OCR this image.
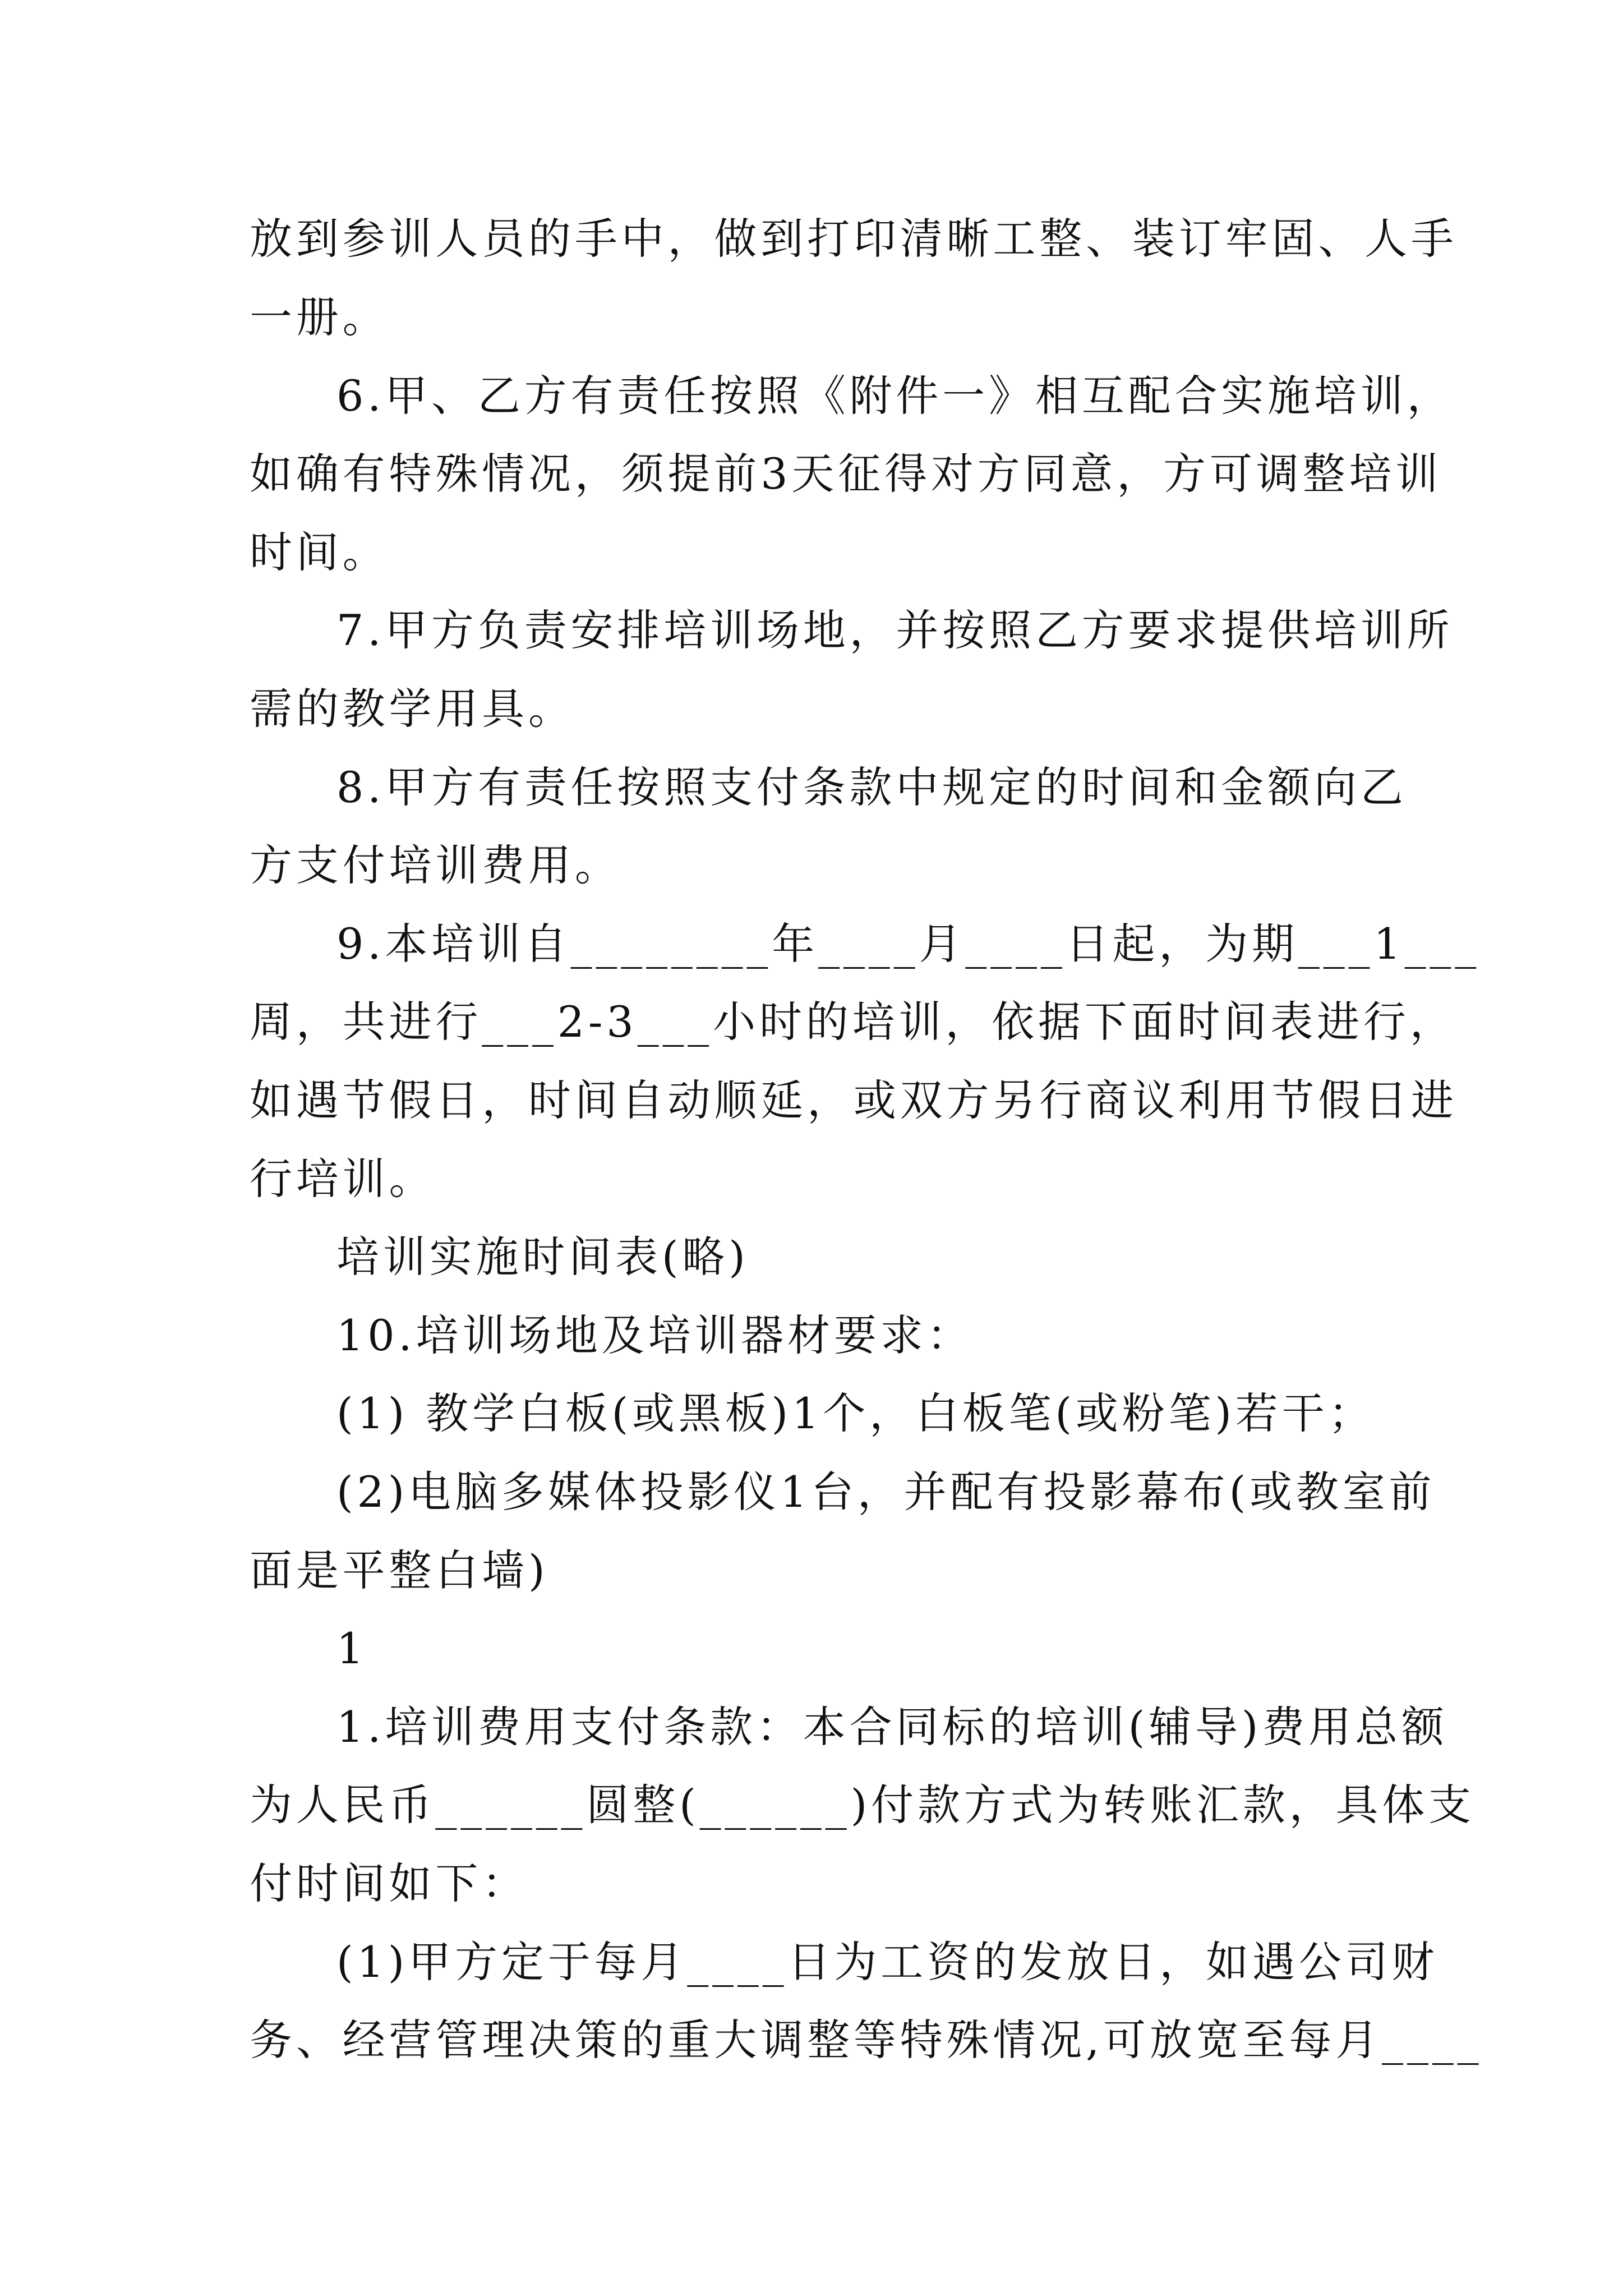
放到参训人员的手中，做到打印清晰工整、装订牢固、人手
一册。
6.甲、乙方有责任按照《附件一》相互配合实施培训，
如确有特殊情况，须提前3天征得对方同意，方可调整培训
时间。
7.甲方负责安排培训场地，并按照乙方要求提供培训所
需的教学用具。
8.甲方有责任按照支付条款中规定的时间和金额向乙
方支付培训费用。
9.本培训自________年____月____日起，为期___1___
周，共进行___2-3___小时的培训，依据下面时间表进行，
如遇节假日，时间自动顺延，或双方另行商议利用节假日进
行培训。
培训实施时间表(略)
10.培训场地及培训器材要求：
(1) 教学白板(或黑板)1个，白板笔(或粉笔)若干；
(2)电脑多媒体投影仪1台，并配有投影幕布(或教室前
面是平整白墙)
1
1.培训费用支付条款：本合同标的培训(辅导)费用总额
为人民币______圆整(______)付款方式为转账汇款，具体支
付时间如下：
(1)甲方定于每月____日为工资的发放日，如遇公司财
务、经营管理决策的重大调整等特殊情况,可放宽至每月____
